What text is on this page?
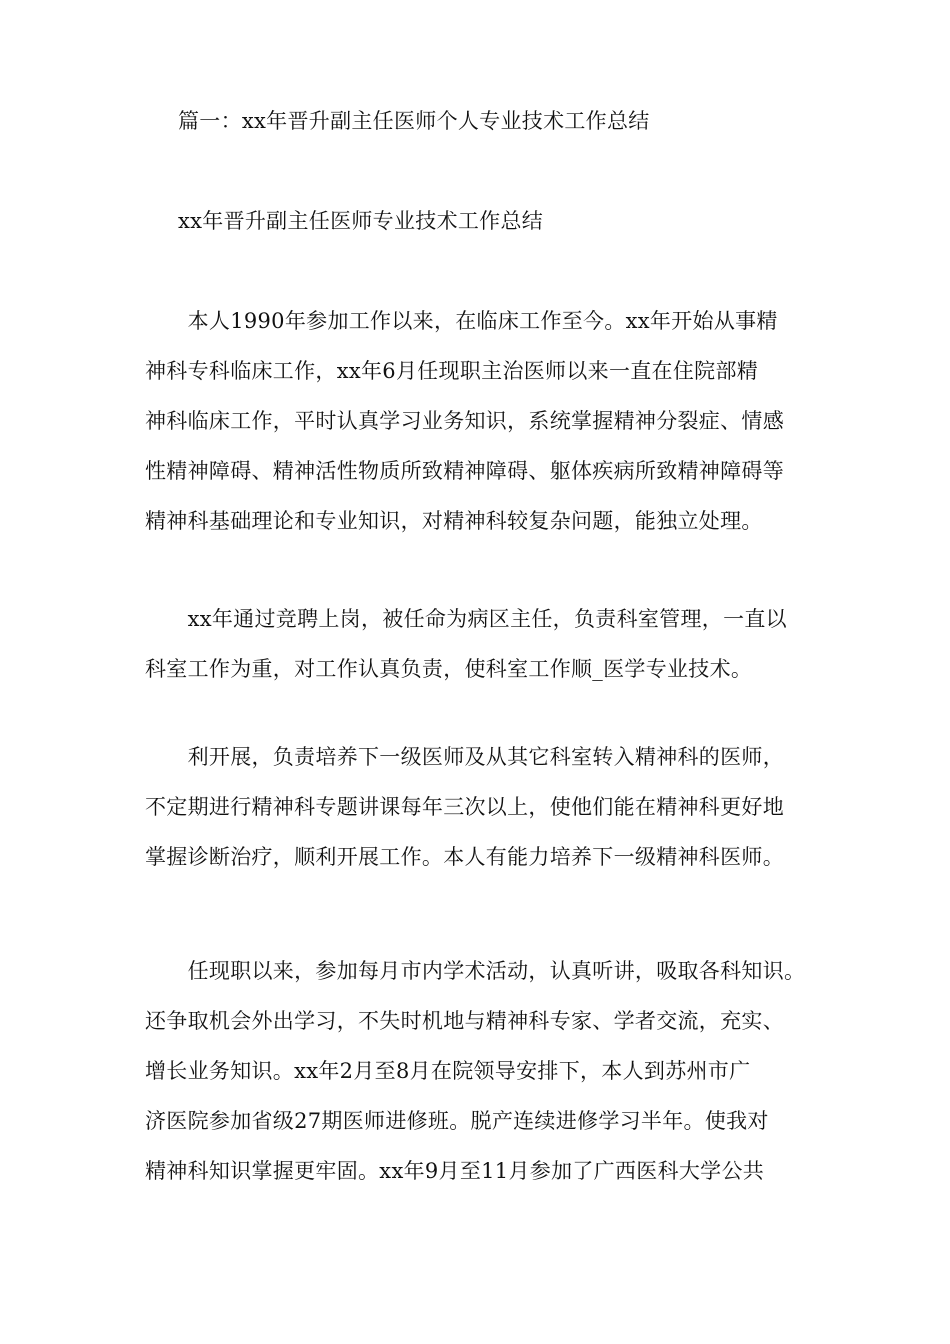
篇一：xx年晋升副主任医师个人专业技术工作总结
xx年晋升副主任医师专业技术工作总结
　　本人1990年参加工作以来，在临床工作至今。xx年开始从事精
神科专科临床工作，xx年6月任现职主治医师以来一直在住院部精
神科临床工作，平时认真学习业务知识，系统掌握精神分裂症、情感
性精神障碍、精神活性物质所致精神障碍、躯体疾病所致精神障碍等
精神科基础理论和专业知识，对精神科较复杂问题，能独立处理。
　　xx年通过竞聘上岗，被任命为病区主任，负责科室管理，一直以
科室工作为重，对工作认真负责，使科室工作顺_医学专业技术。
　　利开展，负责培养下一级医师及从其它科室转入精神科的医师，
不定期进行精神科专题讲课每年三次以上，使他们能在精神科更好地
掌握诊断治疗，顺利开展工作。本人有能力培养下一级精神科医师。
　　任现职以来，参加每月市内学术活动，认真听讲，吸取各科知识。
还争取机会外出学习，不失时机地与精神科专家、学者交流，充实、
增长业务知识。xx年2月至8月在院领导安排下，本人到苏州市广
济医院参加省级27期医师进修班。脱产连续进修学习半年。使我对
精神科知识掌握更牢固。xx年9月至11月参加了广西医科大学公共
